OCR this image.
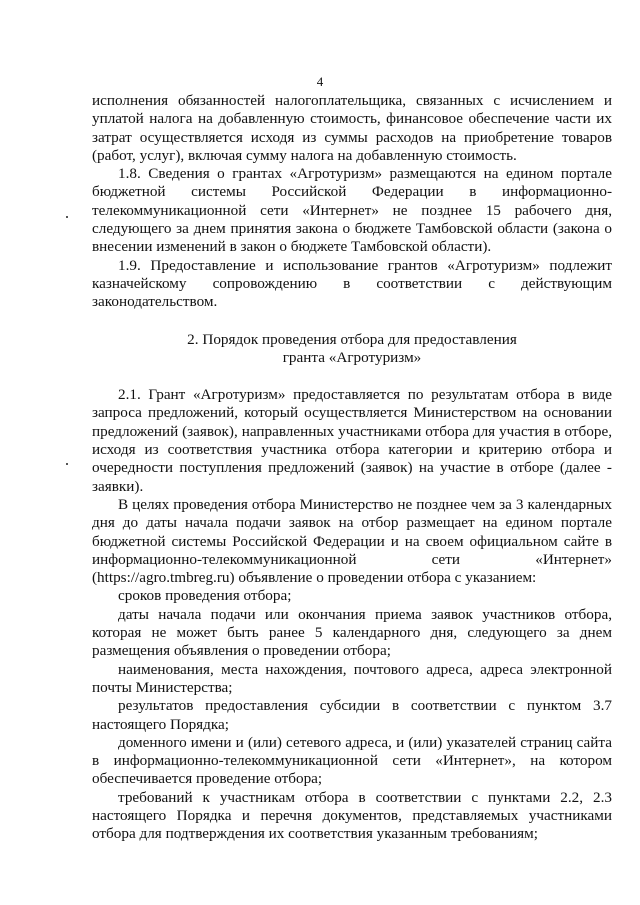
4

исполнения обязанностей налогоплательщика, связанных с исчислением и уплатой налога на добавленную стоимость, финансовое обеспечение части их затрат осуществляется исходя из суммы расходов на приобретение товаров (работ, услуг), включая сумму налога на добавленную стоимость.

1.8. Сведения о грантах «Агротуризм» размещаются на едином портале бюджетной системы Российской Федерации в информационно-телекоммуникационной сети «Интернет» не позднее 15 рабочего дня, следующего за днем принятия закона о бюджете Тамбовской области (закона о внесении изменений в закон о бюджете Тамбовской области).

1.9. Предоставление и использование грантов «Агротуризм» подлежит казначейскому сопровождению в соответствии с действующим законодательством.

2. Порядок проведения отбора для предоставления
гранта «Агротуризм»

2.1. Грант «Агротуризм» предоставляется по результатам отбора в виде запроса предложений, который осуществляется Министерством на основании предложений (заявок), направленных участниками отбора для участия в отборе, исходя из соответствия участника отбора категории и критерию отбора и очередности поступления предложений (заявок) на участие в отборе (далее - заявки).

В целях проведения отбора Министерство не позднее чем за 3 календарных дня до даты начала подачи заявок на отбор размещает на едином портале бюджетной системы Российской Федерации и на своем официальном сайте в информационно-телекоммуникационной сети «Интернет» (https://agro.tmbreg.ru) объявление о проведении отбора с указанием:

сроков проведения отбора;

даты начала подачи или окончания приема заявок участников отбора, которая не может быть ранее 5 календарного дня, следующего за днем размещения объявления о проведении отбора;

наименования, места нахождения, почтового адреса, адреса электронной почты Министерства;

результатов предоставления субсидии в соответствии с пунктом 3.7 настоящего Порядка;

доменного имени и (или) сетевого адреса, и (или) указателей страниц сайта в информационно-телекоммуникационной сети «Интернет», на котором обеспечивается проведение отбора;

требований к участникам отбора в соответствии с пунктами 2.2, 2.3 настоящего Порядка и перечня документов, представляемых участниками отбора для подтверждения их соответствия указанным требованиям;
